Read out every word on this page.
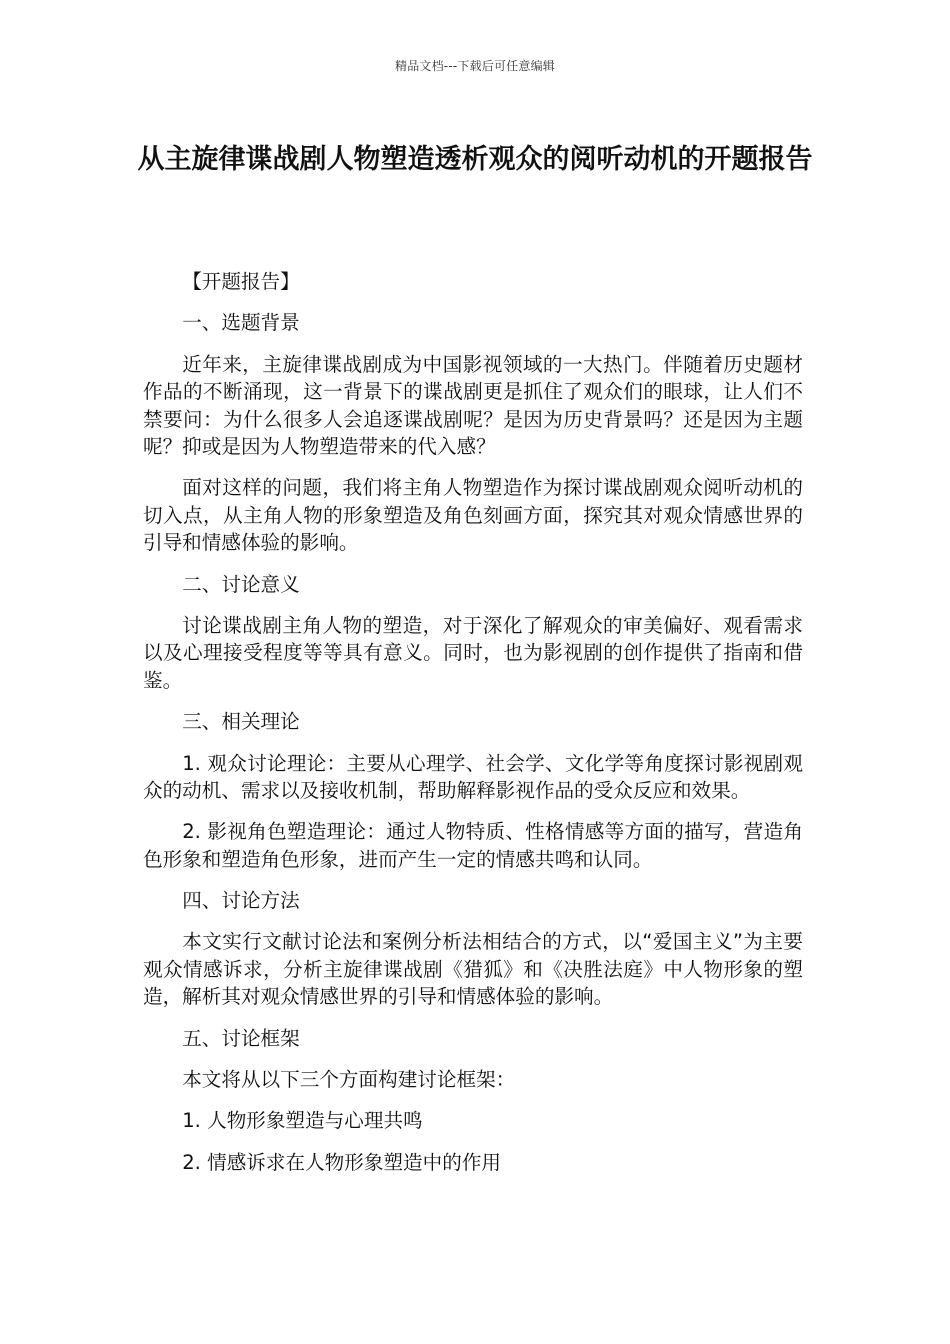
精品文档---下载后可任意编辑
从主旋律谍战剧人物塑造透析观众的阅听动机的开题报告

【开题报告】

一、选题背景

近年来，主旋律谍战剧成为中国影视领域的一大热门。伴随着历史题材作品的不断涌现，这一背景下的谍战剧更是抓住了观众们的眼球，让人们不禁要问：为什么很多人会追逐谍战剧呢？是因为历史背景吗？还是因为主题呢？抑或是因为人物塑造带来的代入感？

面对这样的问题，我们将主角人物塑造作为探讨谍战剧观众阅听动机的切入点，从主角人物的形象塑造及角色刻画方面，探究其对观众情感世界的引导和情感体验的影响。

二、讨论意义

讨论谍战剧主角人物的塑造，对于深化了解观众的审美偏好、观看需求以及心理接受程度等等具有意义。同时，也为影视剧的创作提供了指南和借鉴。

三、相关理论

1. 观众讨论理论：主要从心理学、社会学、文化学等角度探讨影视剧观众的动机、需求以及接收机制，帮助解释影视作品的受众反应和效果。

2. 影视角色塑造理论：通过人物特质、性格情感等方面的描写，营造角色形象和塑造角色形象，进而产生一定的情感共鸣和认同。

四、讨论方法

本文实行文献讨论法和案例分析法相结合的方式，以“爱国主义”为主要观众情感诉求，分析主旋律谍战剧《猎狐》和《决胜法庭》中人物形象的塑造，解析其对观众情感世界的引导和情感体验的影响。

五、讨论框架

本文将从以下三个方面构建讨论框架：

1. 人物形象塑造与心理共鸣

2. 情感诉求在人物形象塑造中的作用
